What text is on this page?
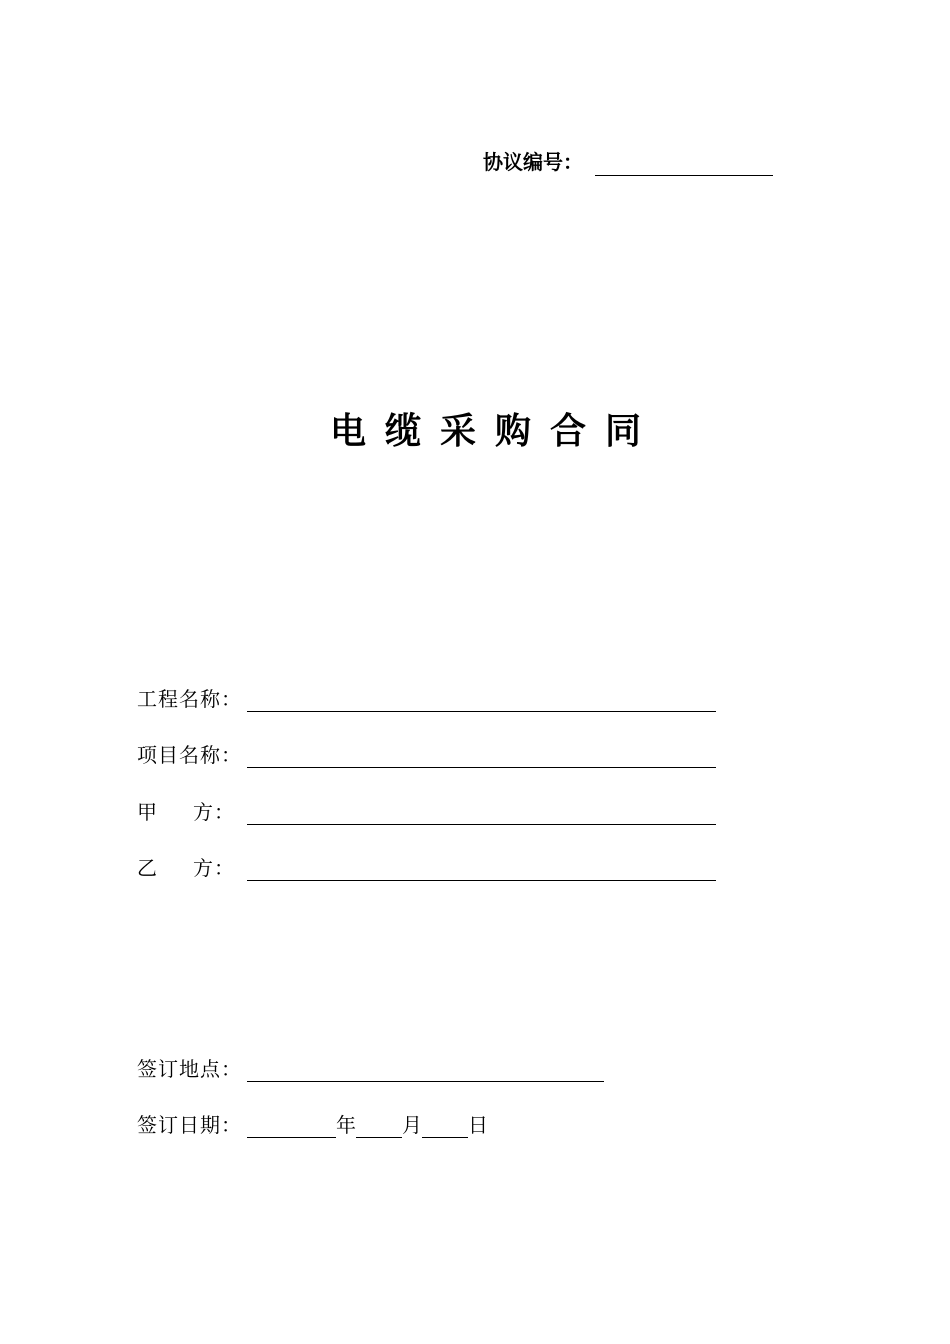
协议编号：
电缆采购合同
工程名称：
项目名称：
甲 方：
乙 方：
签订地点：
签订日期：	年 月 日
